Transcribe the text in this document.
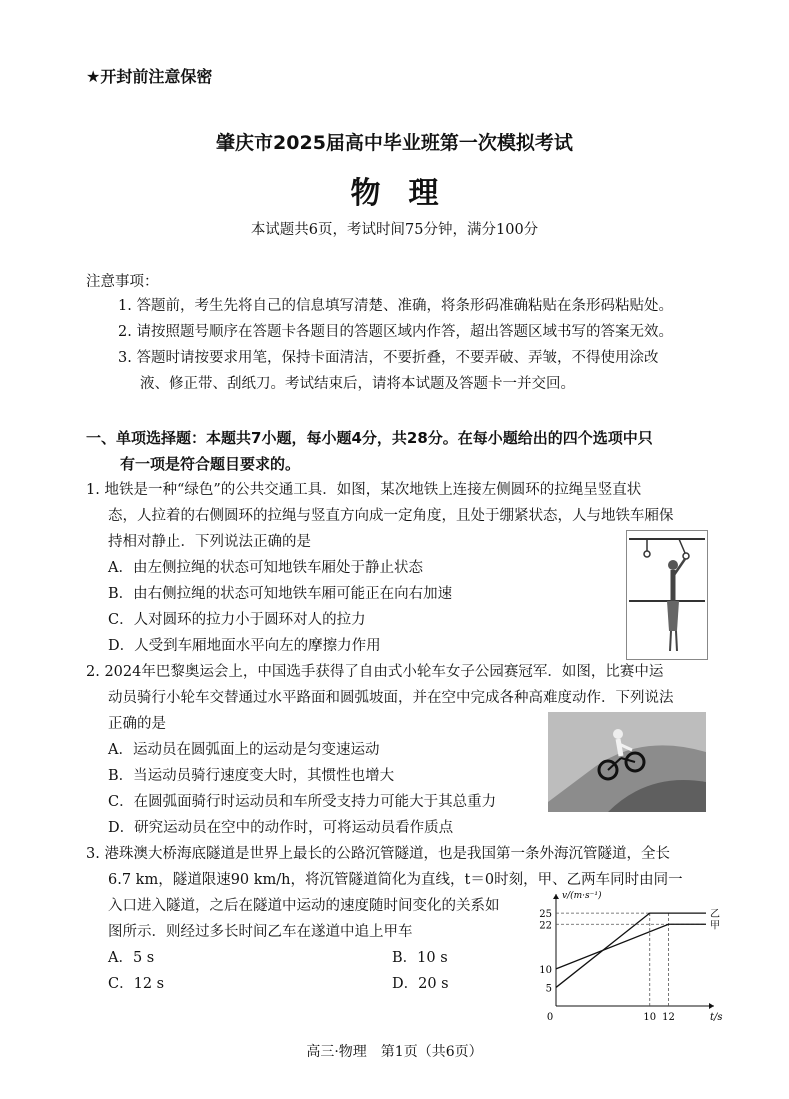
★开封前注意保密
肇庆市2025届高中毕业班第一次模拟考试
物理
本试题共6页，考试时间75分钟，满分100分
注意事项：
1. 答题前，考生先将自己的信息填写清楚、准确，将条形码准确粘贴在条形码粘贴处。
2. 请按照题号顺序在答题卡各题目的答题区域内作答，超出答题区域书写的答案无效。
3. 答题时请按要求用笔，保持卡面清洁，不要折叠，不要弄破、弄皱，不得使用涂改
液、修正带、刮纸刀。考试结束后，请将本试题及答题卡一并交回。
一、单项选择题：本题共7小题，每小题4分，共28分。在每小题给出的四个选项中只
有一项是符合题目要求的。
1. 地铁是一种“绿色”的公共交通工具．如图，某次地铁上连接左侧圆环的拉绳呈竖直状
态，人拉着的右侧圆环的拉绳与竖直方向成一定角度，且处于绷紧状态，人与地铁车厢保
持相对静止．下列说法正确的是
A．由左侧拉绳的状态可知地铁车厢处于静止状态
B．由右侧拉绳的状态可知地铁车厢可能正在向右加速
C．人对圆环的拉力小于圆环对人的拉力
D．人受到车厢地面水平向左的摩擦力作用
2. 2024年巴黎奥运会上，中国选手获得了自由式小轮车女子公园赛冠军．如图，比赛中运
动员骑行小轮车交替通过水平路面和圆弧坡面，并在空中完成各种高难度动作．下列说法
正确的是
A．运动员在圆弧面上的运动是匀变速运动
B．当运动员骑行速度变大时，其惯性也增大
C．在圆弧面骑行时运动员和车所受支持力可能大于其总重力
D．研究运动员在空中的动作时，可将运动员看作质点
3. 港珠澳大桥海底隧道是世界上最长的公路沉管隧道，也是我国第一条外海沉管隧道，全长
6.7 km，隧道限速90 km/h，将沉管隧道简化为直线，t＝0时刻，甲、乙两车同时由同一
入口进入隧道，之后在隧道中运动的速度随时间变化的关系如
图所示．则经过多长时间乙车在遂道中追上甲车
A．5 s	B．10 s
C．12 s	D．20 s
v/(m·s⁻¹)
t/s
5
10
22
25
0	10 12
乙
甲
高三·物理　第1页（共6页）
